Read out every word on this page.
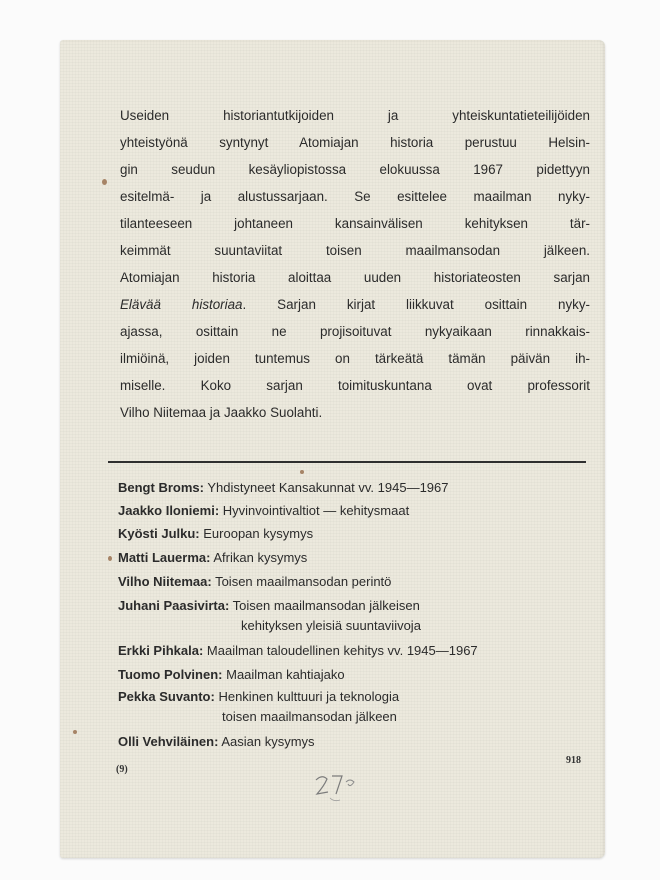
Useiden historiantutkijoiden ja yhteiskuntatieteilijöiden
yhteistyönä syntynyt Atomiajan historia perustuu Helsin-
gin seudun kesäyliopistossa elokuussa 1967 pidettyyn
esitelmä- ja alustussarjaan. Se esittelee maailman nyky-
tilanteeseen johtaneen kansainvälisen kehityksen tär-
keimmät suuntaviitat toisen maailmansodan jälkeen.
Atomiajan historia aloittaa uuden historiateosten sarjan
Elävää historiaa. Sarjan kirjat liikkuvat osittain nyky-
ajassa, osittain ne projisoituvat nykyaikaan rinnakkais-
ilmiöinä, joiden tuntemus on tärkeätä tämän päivän ih-
miselle. Koko sarjan toimituskuntana ovat professorit
Vilho Niitemaa ja Jaakko Suolahti.
Bengt Broms: Yhdistyneet Kansakunnat vv. 1945—1967
Jaakko Iloniemi: Hyvinvointivaltiot — kehitysmaat
Kyösti Julku: Euroopan kysymys
Matti Lauerma: Afrikan kysymys
Vilho Niitemaa: Toisen maailmansodan perintö
Juhani Paasivirta: Toisen maailmansodan jälkeisen
kehityksen yleisiä suuntaviivoja
Erkki Pihkala: Maailman taloudellinen kehitys vv. 1945—1967
Tuomo Polvinen: Maailman kahtiajako
Pekka Suvanto: Henkinen kulttuuri ja teknologia
toisen maailmansodan jälkeen
Olli Vehviläinen: Aasian kysymys
(9)
918
